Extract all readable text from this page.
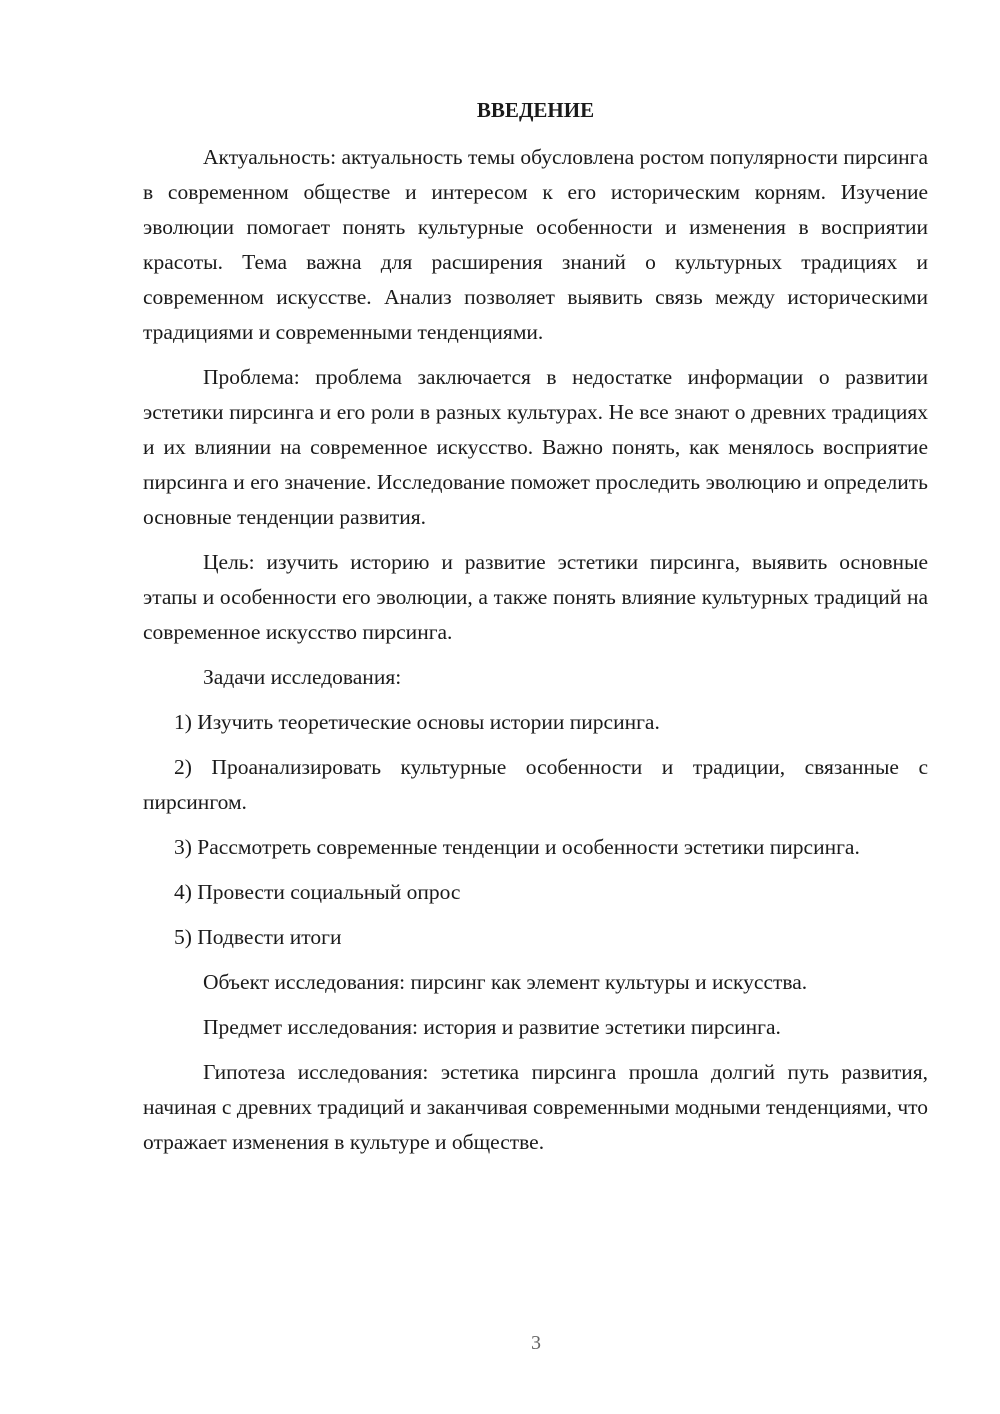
ВВЕДЕНИЕ

Актуальность: актуальность темы обусловлена ростом популярности пирсинга в современном обществе и интересом к его историческим корням. Изучение эволюции помогает понять культурные особенности и изменения в восприятии красоты. Тема важна для расширения знаний о культурных традициях и современном искусстве. Анализ позволяет выявить связь между историческими традициями и современными тенденциями.

Проблема: проблема заключается в недостатке информации о развитии эстетики пирсинга и его роли в разных культурах. Не все знают о древних традициях и их влиянии на современное искусство. Важно понять, как менялось восприятие пирсинга и его значение. Исследование поможет проследить эволюцию и определить основные тенденции развития.

Цель: изучить историю и развитие эстетики пирсинга, выявить основные этапы и особенности его эволюции, а также понять влияние культурных традиций на современное искусство пирсинга.

Задачи исследования:

1) Изучить теоретические основы истории пирсинга.

2) Проанализировать культурные особенности и традиции, связанные с пирсингом.

3) Рассмотреть современные тенденции и особенности эстетики пирсинга.

4) Провести социальный опрос

5) Подвести итоги

Объект исследования: пирсинг как элемент культуры и искусства.

Предмет исследования: история и развитие эстетики пирсинга.

Гипотеза исследования: эстетика пирсинга прошла долгий путь развития, начиная с древних традиций и заканчивая современными модными тенденциями, что отражает изменения в культуре и обществе.

3
